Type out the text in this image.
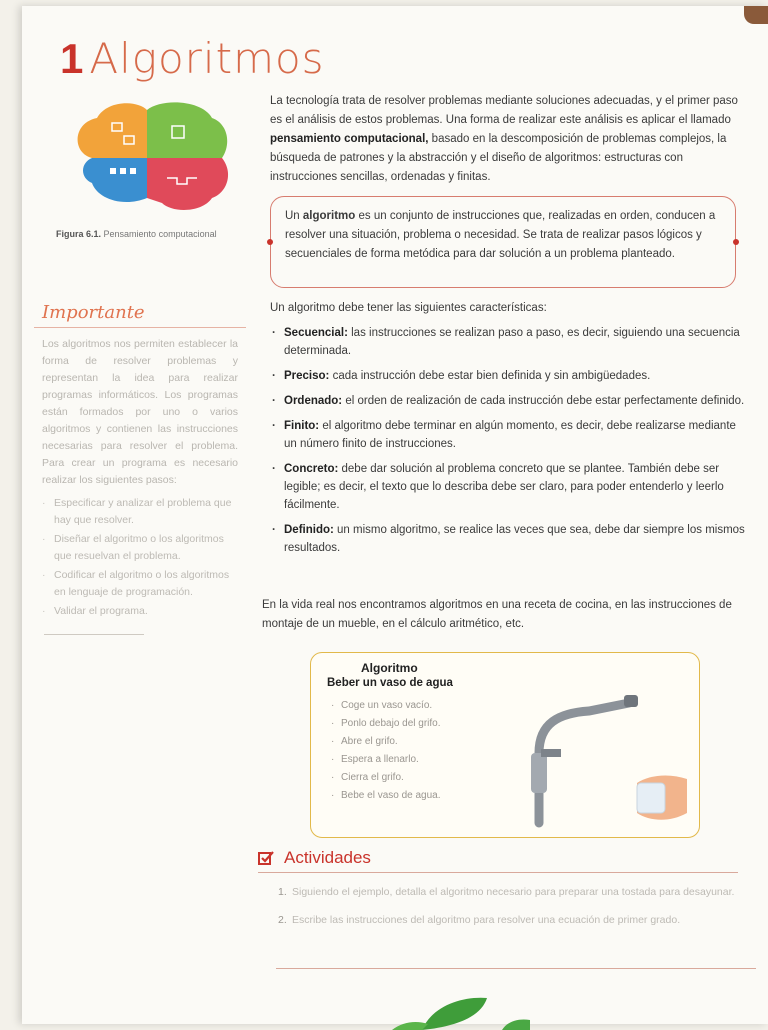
1 Algoritmos
Figura 6.1. Pensamiento computacional
La tecnología trata de resolver problemas mediante soluciones adecuadas, y el primer paso es el análisis de estos problemas. Una forma de realizar este análisis es aplicar el llamado pensamiento computacional, basado en la descomposición de problemas complejos, la búsqueda de patrones y la abstracción y el diseño de algoritmos: estructuras con instrucciones sencillas, ordenadas y finitas.
Un algoritmo es un conjunto de instrucciones que, realizadas en orden, conducen a resolver una situación, problema o necesidad. Se trata de realizar pasos lógicos y secuenciales de forma metódica para dar solución a un problema planteado.
Importante
Los algoritmos nos permiten establecer la forma de resolver problemas y representan la idea para realizar programas informáticos. Los programas están formados por uno o varios algoritmos y contienen las instrucciones necesarias para resolver el problema. Para crear un programa es necesario realizar los siguientes pasos:
· Especificar y analizar el problema que hay que resolver.
· Diseñar el algoritmo o los algoritmos que resuelvan el problema.
· Codificar el algoritmo o los algoritmos en lenguaje de programación.
· Validar el programa.
Un algoritmo debe tener las siguientes características:
· Secuencial: las instrucciones se realizan paso a paso, es decir, siguiendo una secuencia determinada.
· Preciso: cada instrucción debe estar bien definida y sin ambigüedades.
· Ordenado: el orden de realización de cada instrucción debe estar perfectamente definido.
· Finito: el algoritmo debe terminar en algún momento, es decir, debe realizarse mediante un número finito de instrucciones.
· Concreto: debe dar solución al problema concreto que se plantee. También debe ser legible; es decir, el texto que lo describa debe ser claro, para poder entenderlo y leerlo fácilmente.
· Definido: un mismo algoritmo, se realice las veces que sea, debe dar siempre los mismos resultados.
En la vida real nos encontramos algoritmos en una receta de cocina, en las instrucciones de montaje de un mueble, en el cálculo aritmético, etc.
Algoritmo
Beber un vaso de agua
· Coge un vaso vacío.
· Ponlo debajo del grifo.
· Abre el grifo.
· Espera a llenarlo.
· Cierra el grifo.
· Bebe el vaso de agua.
Actividades
1. Siguiendo el ejemplo, detalla el algoritmo necesario para preparar una tostada para desayunar.
2. Escribe las instrucciones del algoritmo para resolver una ecuación de primer grado.
